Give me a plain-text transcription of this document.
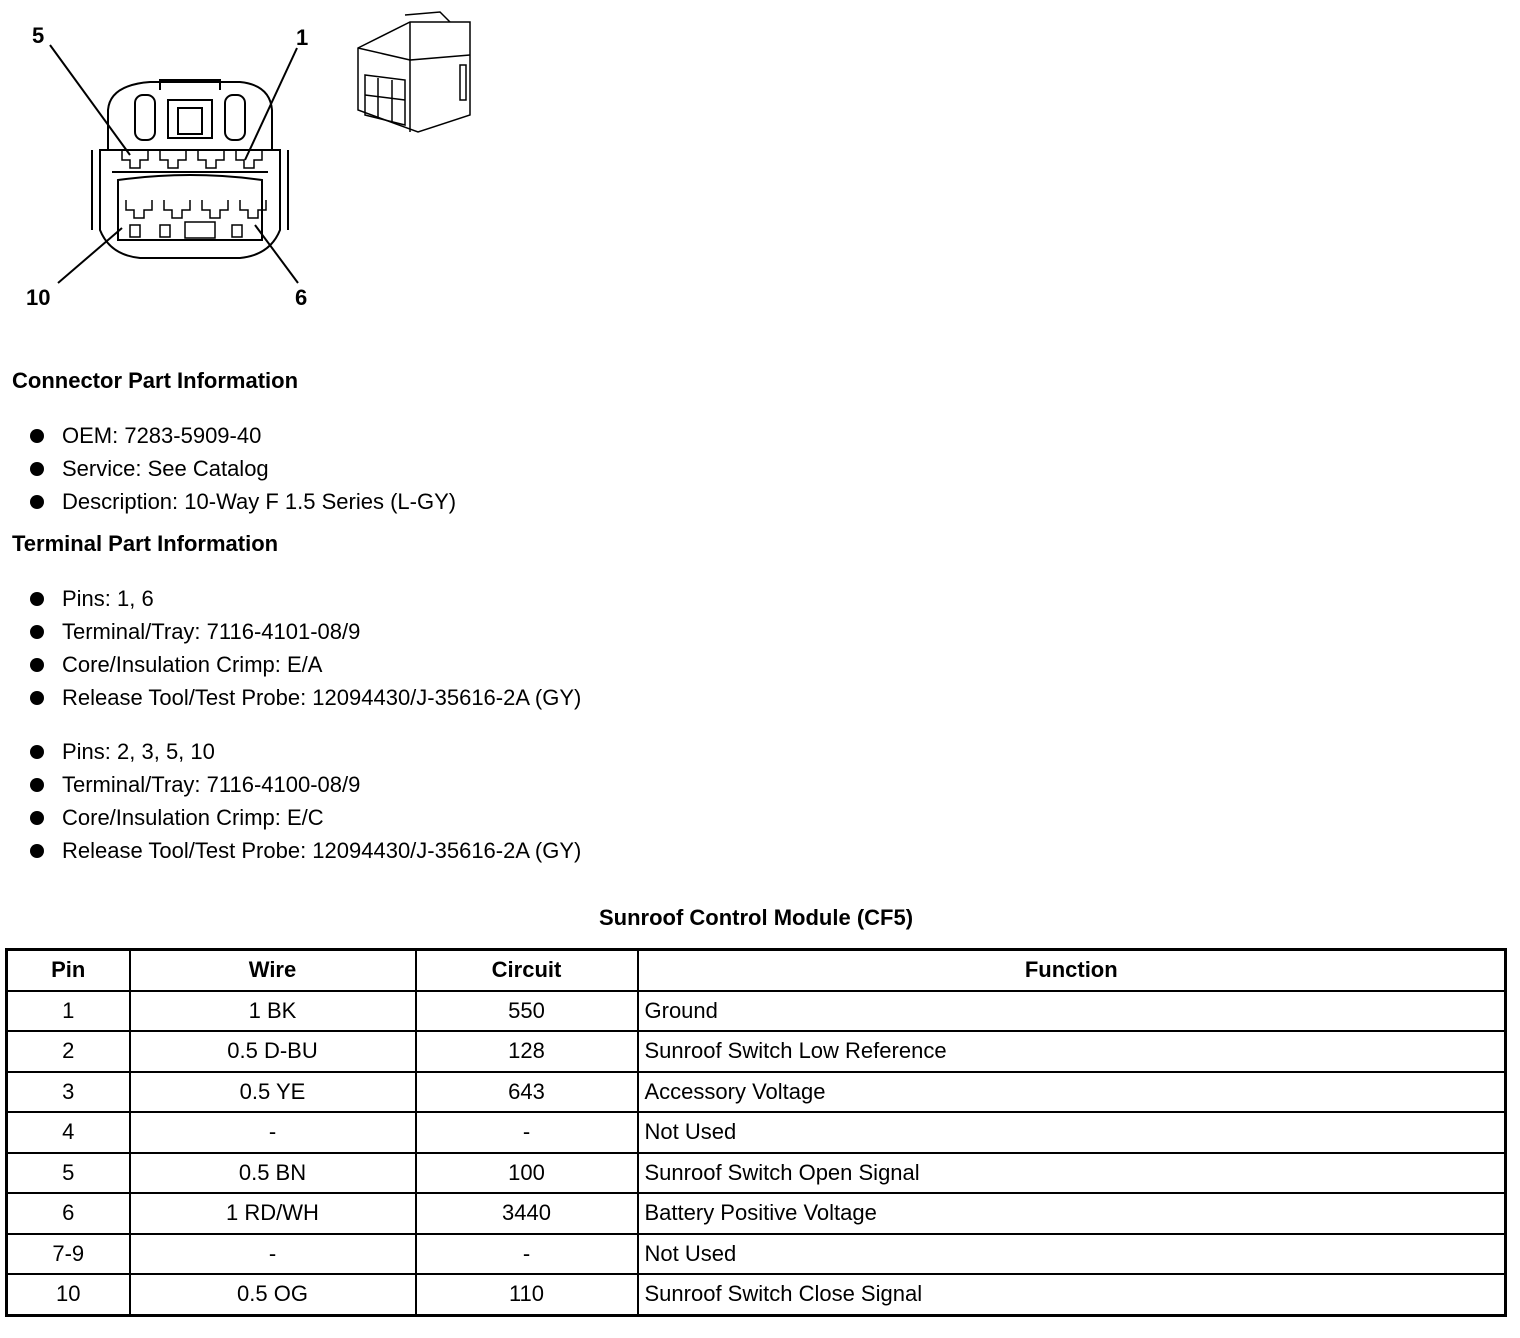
5	1
10	6
Connector Part Information
OEM: 7283-5909-40
Service: See Catalog
Description: 10-Way F 1.5 Series (L-GY)
Terminal Part Information
Pins: 1, 6
Terminal/Tray: 7116-4101-08/9
Core/Insulation Crimp: E/A
Release Tool/Test Probe: 12094430/J-35616-2A (GY)
Pins: 2, 3, 5, 10
Terminal/Tray: 7116-4100-08/9
Core/Insulation Crimp: E/C
Release Tool/Test Probe: 12094430/J-35616-2A (GY)
Sunroof Control Module (CF5)
Pin	Wire	Circuit	Function
1	1 BK	550	Ground
2	0.5 D-BU	128	Sunroof Switch Low Reference
3	0.5 YE	643	Accessory Voltage
4	-	-	Not Used
5	0.5 BN	100	Sunroof Switch Open Signal
6	1 RD/WH	3440	Battery Positive Voltage
7-9	-	-	Not Used
10	0.5 OG	110	Sunroof Switch Close Signal
